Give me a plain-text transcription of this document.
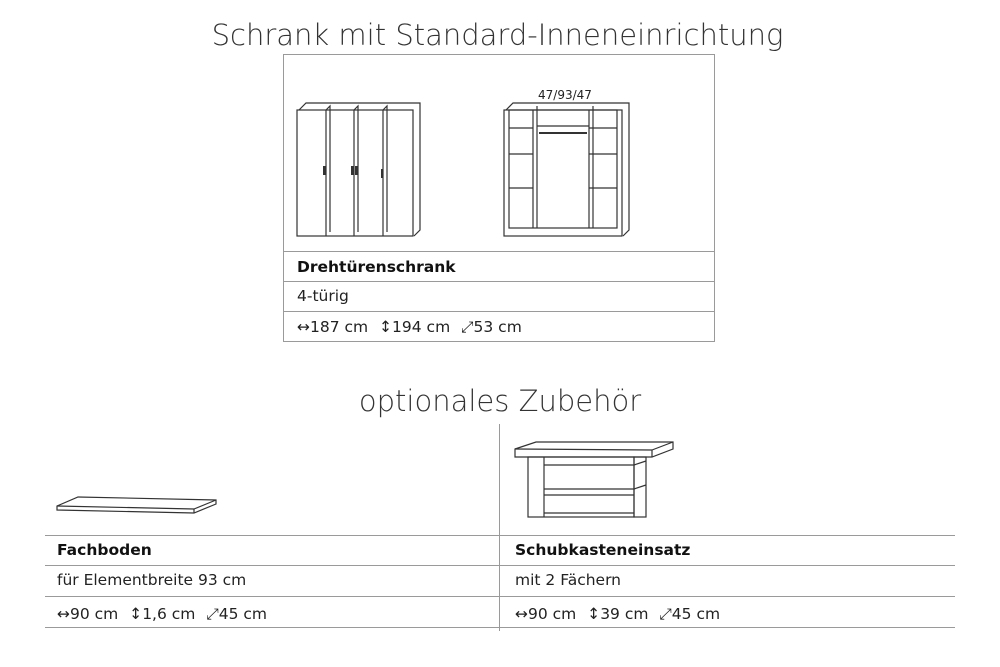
Schrank mit Standard-Inneneinrichtung
47/93/47
Drehtürenschrank
4-türig
↔187 cm ↕194 cm ⤢53 cm
optionales Zubehör
Fachboden	Schubkasteneinsatz
für Elementbreite 93 cm	mit 2 Fächern
↔90 cm ↕1,6 cm ⤢45 cm	↔90 cm ↕39 cm ⤢45 cm
